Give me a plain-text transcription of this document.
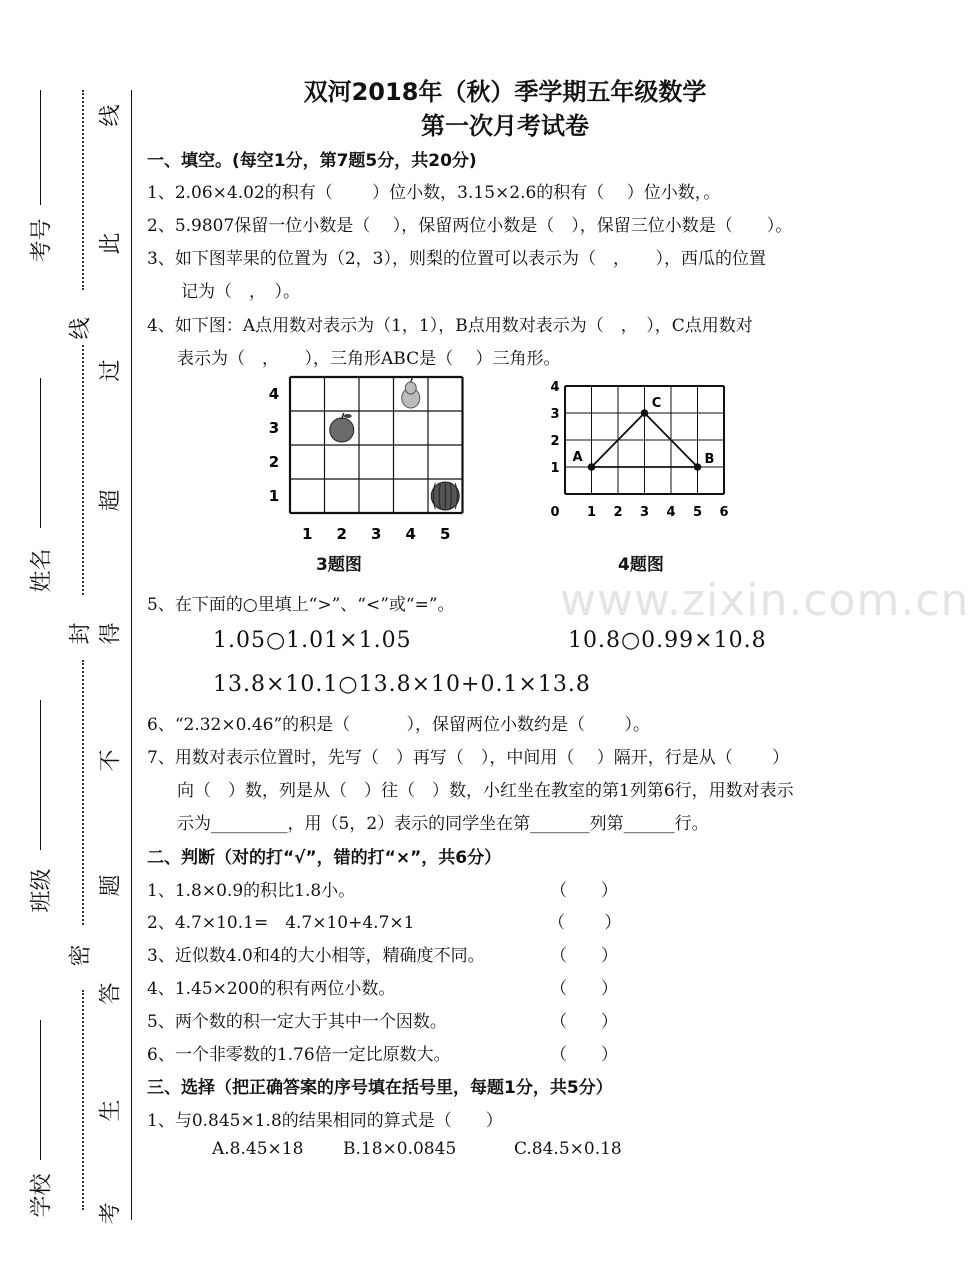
考号
姓名
班级
学校
线
此
线
过
超
得
封
不
题
密
答
生
考
www.zixin.com.cn
双河2018年（秋）季学期五年级数学
第一次月考试卷
一、填空。(每空1分，第7题5分，共20分)
1、2.06×4.02的积有（　　 ）位小数，3.15×2.6的积有（　 ）位小数，。
2、5.9807保留一位小数是（　 ），保留两位小数是（　），保留三位小数是（　　）。
3、如下图苹果的位置为（2，3），则梨的位置可以表示为（　，　　），西瓜的位置
记为（　，　）。
4、如下图：A点用数对表示为（1，1），B点用数对表示为（　，　），C点用数对
表示为（　，　　），三角形ABC是（　 ）三角形。
1 2 3 4 5
1
2
3
4
3题图
0 1 2 3 4 5 6
1
2
3
4
A	B
C
4题图
5、在下面的○里填上“>”、“<”或“=”。
1.05○1.01×1.05	10.8○0.99×10.8
13.8×10.1○13.8×10+0.1×13.8
6、“2.32×0.46”的积是（　　　 ），保留两位小数约是（　　 ）。
7、用数对表示位置时，先写（　）再写（　），中间用（　 ）隔开，行是从（　　 ）
向（　）数，列是从（　）往（　）数，小红坐在教室的第1列第6行，用数对表示
示为_________，用（5，2）表示的同学坐在第_______列第______行。
二、判断（对的打“√”，错的打“×”，共6分）
1、1.8×0.9的积比1.8小。	（　　）
2、4.7×10.1=　4.7×10+4.7×1	（　　 ）
3、近似数4.0和4的大小相等，精确度不同。	（　　）
4、1.45×200的积有两位小数。	（　　）
5、两个数的积一定大于其中一个因数。	（　　）
6、一个非零数的1.76倍一定比原数大。	（　　）
三、选择（把正确答案的序号填在括号里，每题1分，共5分）
1、与0.845×1.8的结果相同的算式是（　　）
A.8.45×18 B.18×0.0845	C.84.5×0.18
